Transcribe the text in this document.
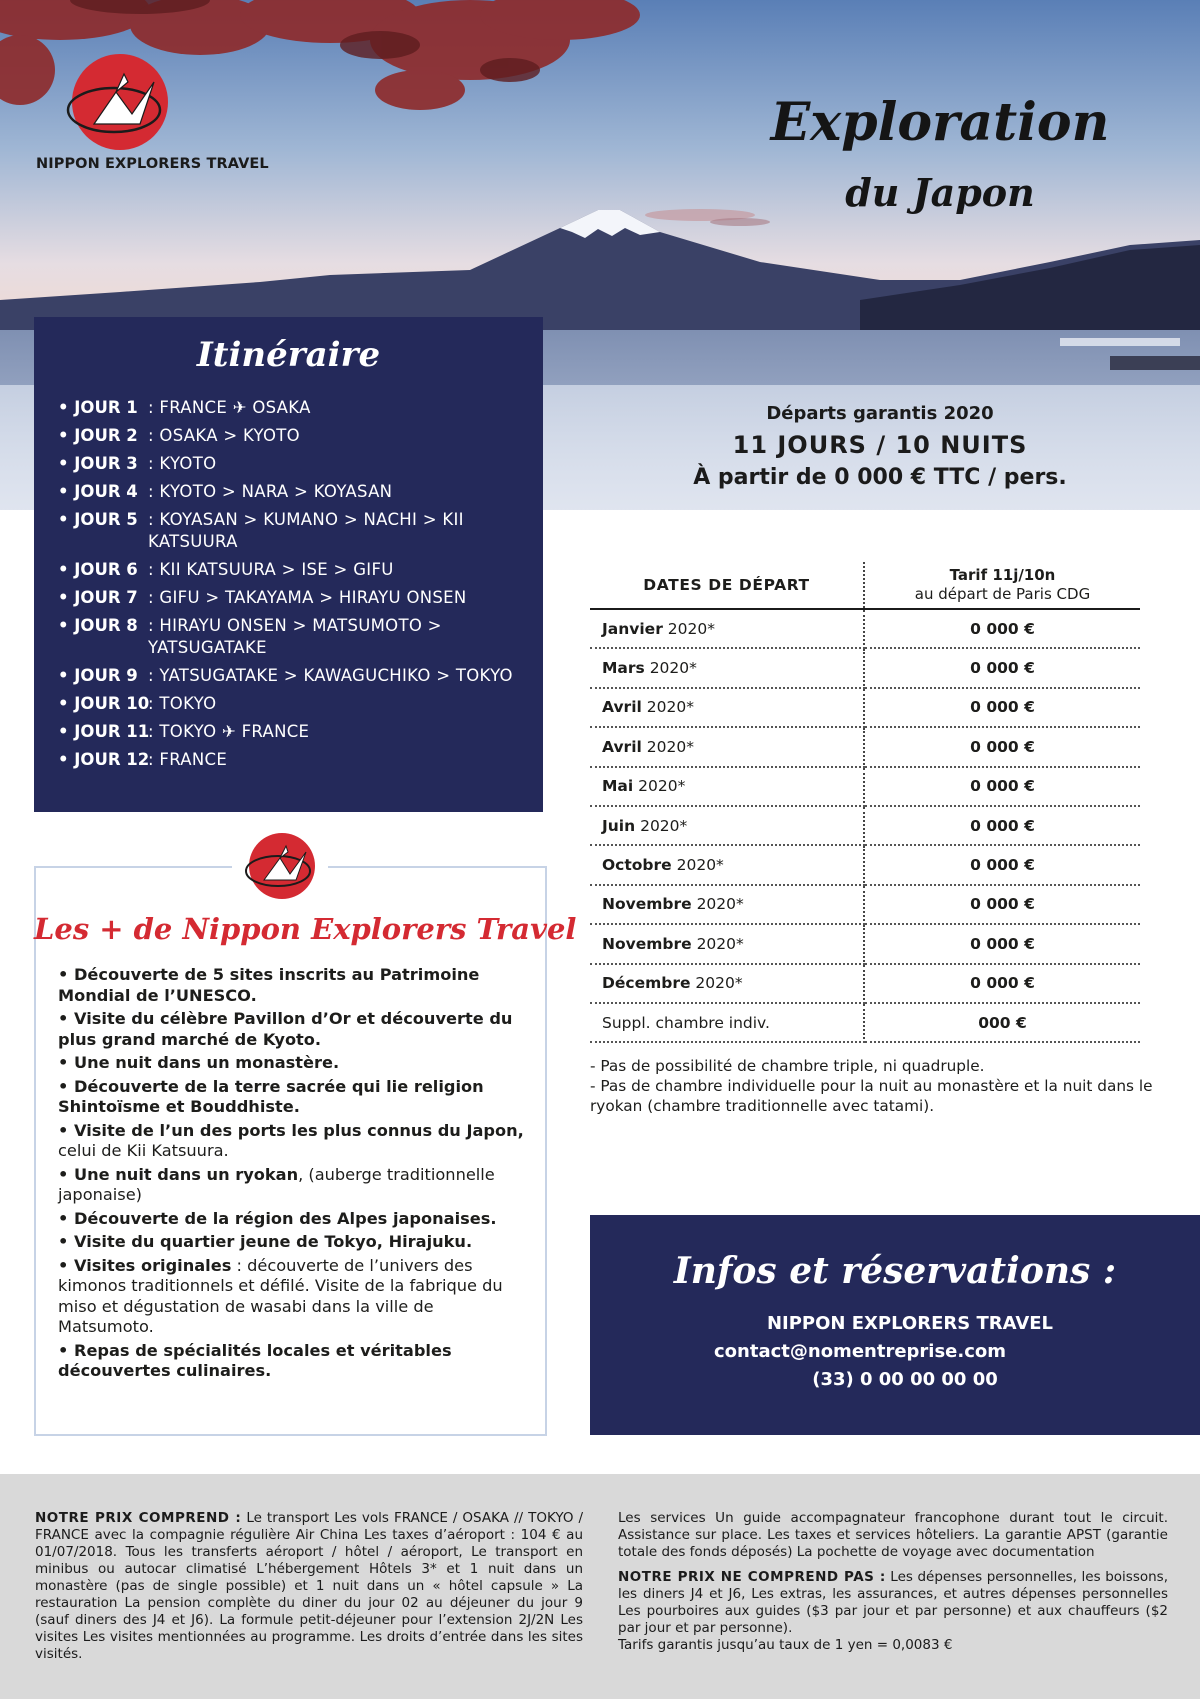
NIPPON EXPLORERS TRAVEL
Exploration
du Japon
Départs garantis 2020
11 JOURS / 10 NUITS
À partir de 0 000 € TTC / pers.
Itinéraire
• JOUR 1 : FRANCE ✈ OSAKA
• JOUR 2 : OSAKA > KYOTO
• JOUR 3 : KYOTO
• JOUR 4 : KYOTO > NARA > KOYASAN
• JOUR 5 : KOYASAN > KUMANO > NACHI > KII KATSUURA
• JOUR 6 : KII KATSUURA > ISE > GIFU
• JOUR 7 : GIFU > TAKAYAMA > HIRAYU ONSEN
• JOUR 8 : HIRAYU ONSEN > MATSUMOTO > YATSUGATAKE
• JOUR 9 : YATSUGATAKE > KAWAGUCHIKO > TOKYO
• JOUR 10
: TOKYO
• JOUR 11
: TOKYO ✈ FRANCE
• JOUR 12
: FRANCE
Les + de Nippon Explorers Travel
• Découverte de 5 sites inscrits au Patrimoine Mondial de l’UNESCO.
• Visite du célèbre Pavillon d’Or et découverte du plus grand marché de Kyoto.
• Une nuit dans un monastère.
• Découverte de la terre sacrée qui lie religion Shintoïsme et Bouddhiste.
• Visite de l’un des ports les plus connus du Japon, celui de Kii Katsuura.
• Une nuit dans un ryokan, (auberge traditionnelle japonaise)
• Découverte de la région des Alpes japonaises.
• Visite du quartier jeune de Tokyo, Hirajuku.
• Visites originales : découverte de l’univers des kimonos traditionnels et défilé. Visite de la fabrique du miso et dégustation de wasabi dans la ville de Matsumoto.
• Repas de spécialités locales et véritables découvertes culinaires.
DATES DE DÉPART	Tarif 11j/10n
au départ de Paris CDG

Janvier 2020*	0 000 €
Mars 2020*	0 000 €
Avril 2020*	0 000 €
Avril 2020*	0 000 €
Mai 2020*	0 000 €
Juin 2020*	0 000 €
Octobre 2020*	0 000 €
Novembre 2020*	0 000 €
Novembre 2020*	0 000 €
Décembre 2020*	0 000 €
Suppl. chambre indiv.	000 €
- Pas de possibilité de chambre triple, ni quadruple.
- Pas de chambre individuelle pour la nuit au monastère et la nuit dans le ryokan (chambre traditionnelle avec tatami).
Infos et réservations :
NIPPON EXPLORERS TRAVEL
contact@nomentreprise.com
(33) 0 00 00 00 00

NOTRE PRIX COMPREND : Le transport Les vols FRANCE / OSAKA // TOKYO / FRANCE avec la compagnie régulière Air China Les taxes d’aéroport : 104 € au 01/07/2018. Tous les transferts aéroport / hôtel / aéroport, Le transport en minibus ou autocar climatisé L’hébergement Hôtels 3* et 1 nuit dans un monastère (pas de single possible) et 1 nuit dans un « hôtel capsule » La restauration La pension complète du diner du jour 02 au déjeuner du jour 9 (sauf diners des J4 et J6). La formule petit-déjeuner pour l’extension 2J/2N Les visites Les visites mentionnées au programme. Les droits d’entrée dans les sites visités.

Les services Un guide accompagnateur francophone durant tout le circuit. Assistance sur place. Les taxes et services hôteliers. La garantie APST (garantie totale des fonds déposés) La pochette de voyage avec documentation

NOTRE PRIX NE COMPREND PAS : Les dépenses personnelles, les boissons, les diners J4 et J6, Les extras, les assurances, et autres dépenses personnelles Les pourboires aux guides ($3 par jour et par personne) et aux chauffeurs ($2 par jour et par personne).

Tarifs garantis jusqu’au taux de 1 yen = 0,0083 €
